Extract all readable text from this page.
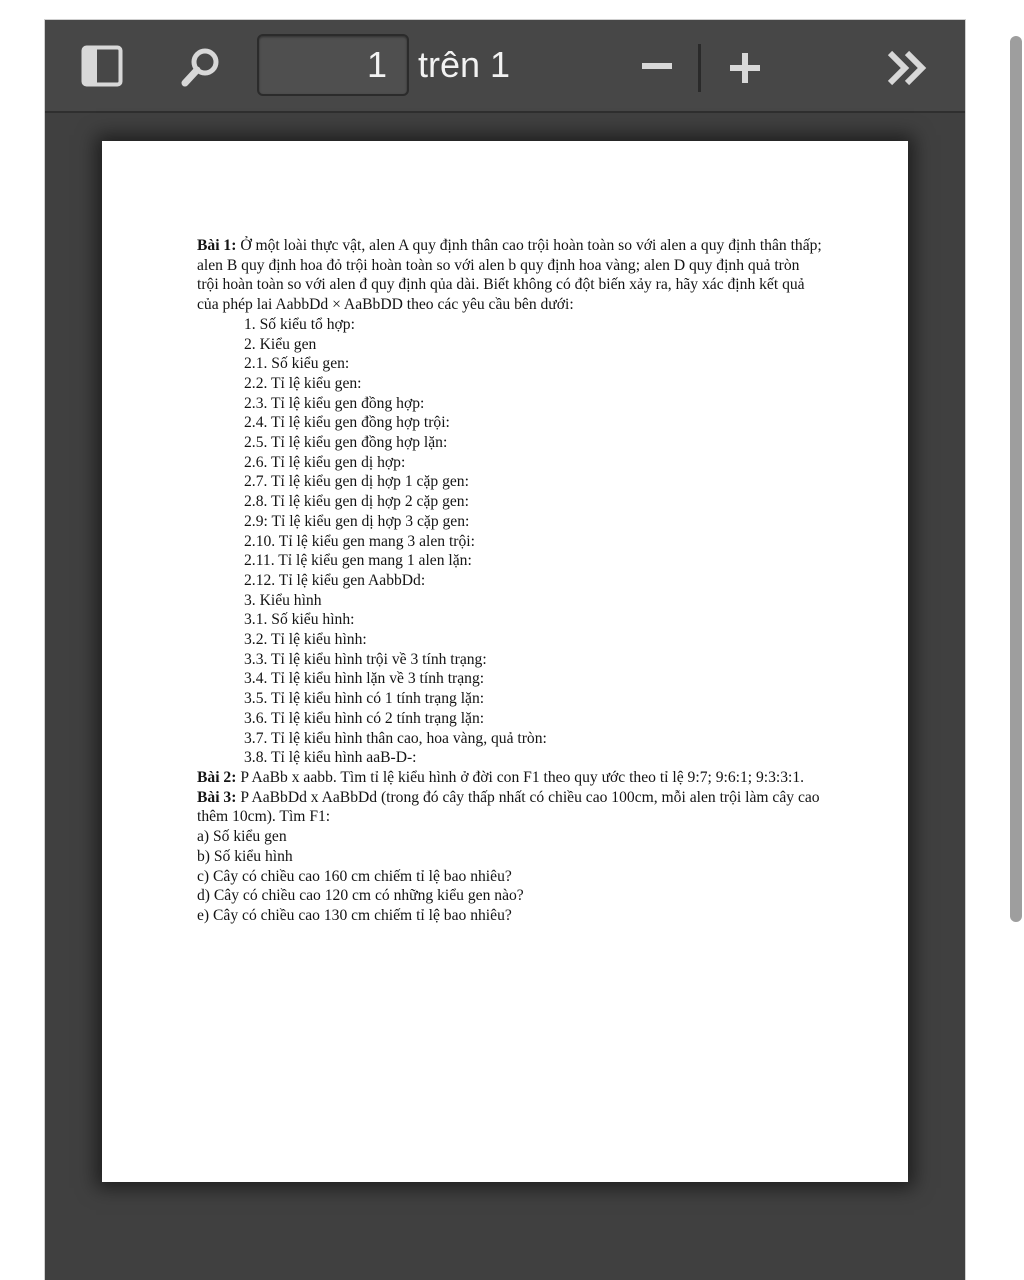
1
trên 1

Bài 1: Ở một loài thực vật, alen A quy định thân cao trội hoàn toàn so với alen a quy định thân thấp; alen B quy định hoa đỏ trội hoàn toàn so với alen b quy định hoa vàng; alen D quy định quả tròn trội hoàn toàn so với alen đ quy định qủa dài. Biết không có đột biến xảy ra, hãy xác định kết quả của phép lai AabbDd × AaBbDD theo các yêu cầu bên dưới:

1. Số kiểu tổ hợp:

2. Kiểu gen

2.1. Số kiểu gen:

2.2. Tỉ lệ kiểu gen:

2.3. Tỉ lệ kiểu gen đồng hợp:

2.4. Tỉ lệ kiểu gen đồng hợp trội:

2.5. Tỉ lệ kiểu gen đồng hợp lặn:

2.6. Tỉ lệ kiểu gen dị hợp:

2.7. Tỉ lệ kiểu gen dị hợp 1 cặp gen:

2.8. Tỉ lệ kiểu gen dị hợp 2 cặp gen:

2.9: Tỉ lệ kiểu gen dị hợp 3 cặp gen:

2.10. Tỉ lệ kiểu gen mang 3 alen trội:

2.11. Tỉ lệ kiểu gen mang 1 alen lặn:

2.12. Tỉ lệ kiểu gen AabbDd:

3. Kiểu hình

3.1. Số kiểu hình:

3.2. Tỉ lệ kiểu hình:

3.3. Tỉ lệ kiểu hình trội về 3 tính trạng:

3.4. Tỉ lệ kiểu hình lặn về 3 tính trạng:

3.5. Tỉ lệ kiểu hình có 1 tính trạng lặn:

3.6. Tỉ lệ kiểu hình có 2 tính trạng lặn:

3.7. Tỉ lệ kiểu hình thân cao, hoa vàng, quả tròn:

3.8. Tỉ lệ kiểu hình aaB-D-:

Bài 2: P AaBb x aabb. Tìm tỉ lệ kiểu hình ở đời con F1 theo quy ước theo tỉ lệ 9:7; 9:6:1; 9:3:3:1.

Bài 3: P AaBbDd x AaBbDd (trong đó cây thấp nhất có chiều cao 100cm, mỗi alen trội làm cây cao thêm 10cm). Tìm F1:

a) Số kiểu gen

b) Số kiểu hình

c) Cây có chiều cao 160 cm chiếm tỉ lệ bao nhiêu?

d) Cây có chiều cao 120 cm có những kiểu gen nào?

e) Cây có chiều cao 130 cm chiếm tỉ lệ bao nhiêu?
